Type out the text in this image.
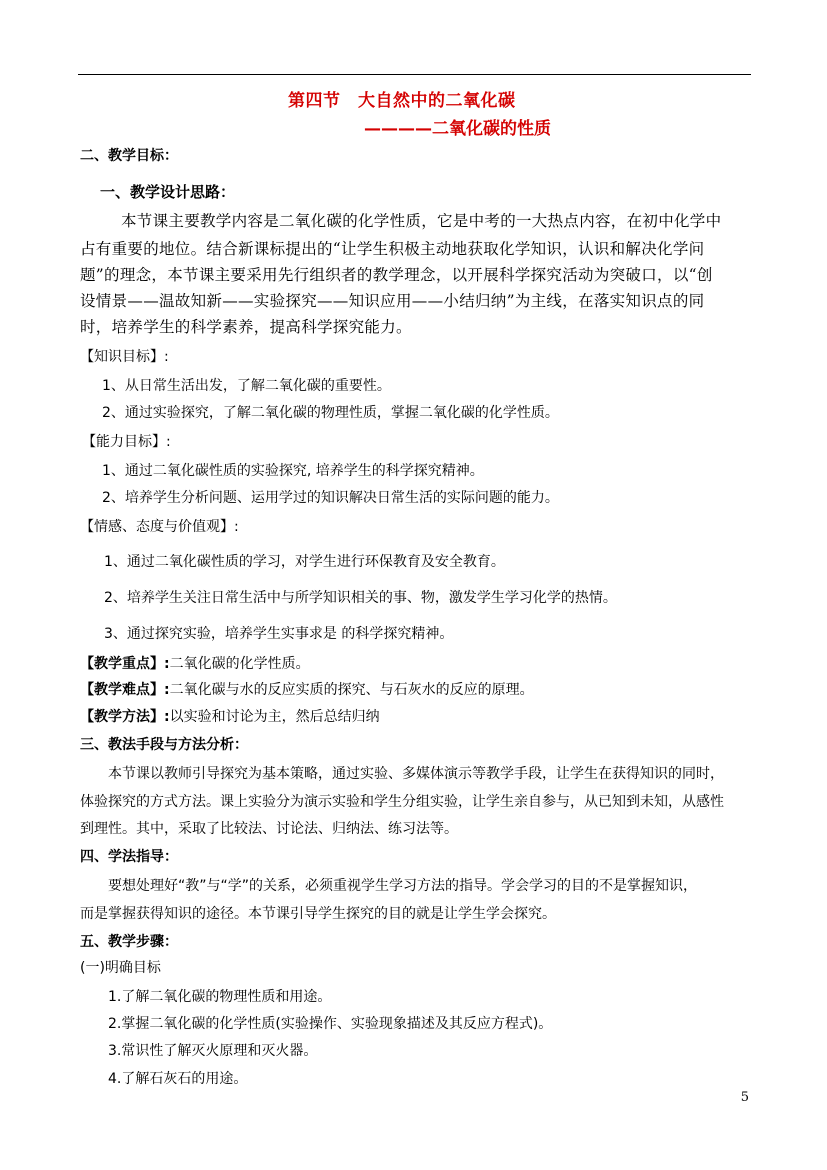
第四节　大自然中的二氧化碳
————二氧化碳的性质
二、教学目标：
一、教学设计思路：
本节课主要教学内容是二氧化碳的化学性质，它是中考的一大热点内容，在初中化学中
占有重要的地位。结合新课标提出的“让学生积极主动地获取化学知识，认识和解决化学问
题”的理念，本节课主要采用先行组织者的教学理念，以开展科学探究活动为突破口，以“创
设情景——温故知新——实验探究——知识应用——小结归纳”为主线，在落实知识点的同
时，培养学生的科学素养，提高科学探究能力。
【知识目标】:
1、从日常生活出发，了解二氧化碳的重要性。
2、通过实验探究，了解二氧化碳的物理性质，掌握二氧化碳的化学性质。
【能力目标】:
1、通过二氧化碳性质的实验探究, 培养学生的科学探究精神。
2、培养学生分析问题、运用学过的知识解决日常生活的实际问题的能力。
【情感、态度与价值观】:
1、通过二氧化碳性质的学习，对学生进行环保教育及安全教育。
2、培养学生关注日常生活中与所学知识相关的事、物，激发学生学习化学的热情。
3、通过探究实验，培养学生实事求是 的科学探究精神。
【教学重点】:二氧化碳的化学性质。
【教学难点】:二氧化碳与水的反应实质的探究、与石灰水的反应的原理。
【教学方法】:以实验和讨论为主，然后总结归纳
三、教法手段与方法分析：
本节课以教师引导探究为基本策略，通过实验、多媒体演示等教学手段，让学生在获得知识的同时，
体验探究的方式方法。课上实验分为演示实验和学生分组实验，让学生亲自参与，从已知到未知，从感性
到理性。其中，采取了比较法、讨论法、归纳法、练习法等。
四、学法指导：
要想处理好“教”与“学”的关系，必须重视学生学习方法的指导。学会学习的目的不是掌握知识，
而是掌握获得知识的途径。本节课引导学生探究的目的就是让学生学会探究。
五、教学步骤：
(一)明确目标
1.了解二氧化碳的物理性质和用途。
2.掌握二氧化碳的化学性质(实验操作、实验现象描述及其反应方程式)。
3.常识性了解灭火原理和灭火器。
4.了解石灰石的用途。
5
